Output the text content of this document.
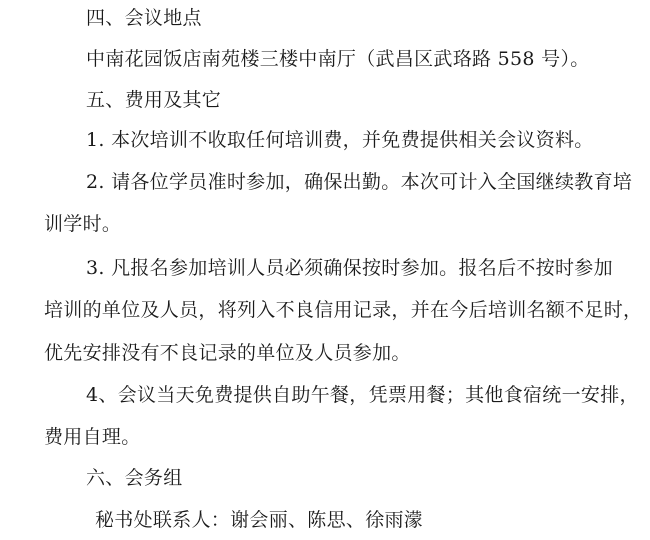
四、会议地点
中南花园饭店南苑楼三楼中南厅（武昌区武珞路 558 号）。
五、费用及其它
1. 本次培训不收取任何培训费，并免费提供相关会议资料。
2. 请各位学员准时参加，确保出勤。本次可计入全国继续教育培
训学时。
3. 凡报名参加培训人员必须确保按时参加。报名后不按时参加
培训的单位及人员，将列入不良信用记录，并在今后培训名额不足时，
优先安排没有不良记录的单位及人员参加。
4、会议当天免费提供自助午餐，凭票用餐；其他食宿统一安排，
费用自理。
六、会务组
秘书处联系人：谢会丽、陈思、徐雨濛
